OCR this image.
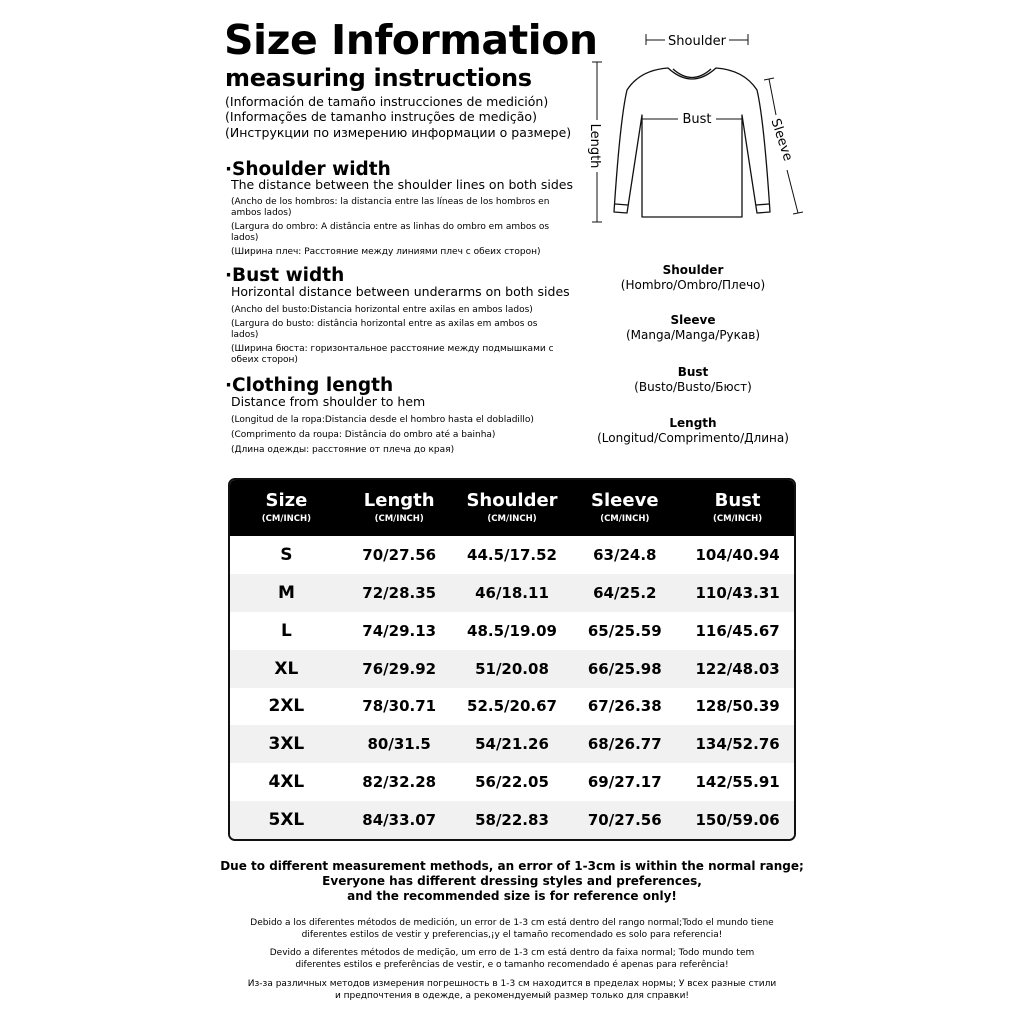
Size Information
measuring instructions
(Información de tamaño instrucciones de medición)
(Informações de tamanho instruções de medição)
(Инструкции по измерению информации о размере)
·Shoulder width
The distance between the shoulder lines on both sides
(Ancho de los hombros: la distancia entre las líneas de los hombros en ambos lados)
(Largura do ombro: A distância entre as linhas do ombro em ambos os lados)
(Ширина плеч: Расстояние между линиями плеч с обеих сторон)
·Bust width
Horizontal distance between underarms on both sides
(Ancho del busto:Distancia horizontal entre axilas en ambos lados)
(Largura do busto: distância horizontal entre as axilas em ambos os lados)
(Ширина бюста: горизонтальное расстояние между подмышками с обеих сторон)
·Clothing length
Distance from shoulder to hem
(Longitud de la ropa:Distancia desde el hombro hasta el dobladillo)
(Comprimento da roupa: Distância do ombro até a bainha)
(Длина одежды: расстояние от плеча до края)
Shoulder
Bust
Length	Sleeve
Shoulder
(Hombro/Ombro/Плечо)
Sleeve
(Manga/Manga/Рукав)
Bust
(Busto/Busto/Бюст)
Length
(Longitud/Comprimento/Длина)
Size
(CM/INCH)
Length
(CM/INCH)
Shoulder
(CM/INCH)
Sleeve
(CM/INCH)
Bust
(CM/INCH)
S	70/27.56	44.5/17.52	63/24.8	104/40.94
M	72/28.35	46/18.11	64/25.2	110/43.31
L	74/29.13	48.5/19.09	65/25.59	116/45.67
XL	76/29.92	51/20.08	66/25.98	122/48.03
2XL	78/30.71	52.5/20.67	67/26.38	128/50.39
3XL	80/31.5	54/21.26	68/26.77	134/52.76
4XL	82/32.28	56/22.05	69/27.17	142/55.91
5XL	84/33.07	58/22.83	70/27.56	150/59.06
Due to different measurement methods, an error of 1-3cm is within the normal range;
Everyone has different dressing styles and preferences,
and the recommended size is for reference only!
Debido a los diferentes métodos de medición, un error de 1-3 cm está dentro del rango normal;Todo el mundo tiene
diferentes estilos de vestir y preferencias,¡y el tamaño recomendado es solo para referencia!
Devido a diferentes métodos de medição, um erro de 1-3 cm está dentro da faixa normal; Todo mundo tem
diferentes estilos e preferências de vestir, e o tamanho recomendado é apenas para referência!
Из-за различных методов измерения погрешность в 1-3 см находится в пределах нормы; У всех разные стили
и предпочтения в одежде, а рекомендуемый размер только для справки!
